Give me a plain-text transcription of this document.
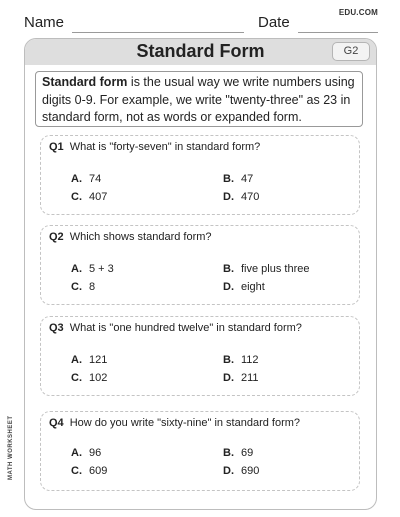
Name	Date
EDU.COM
MATH WORKSHEET
Standard Form	G2
Standard form is the usual way we write numbers using digits 0-9. For example, we write "twenty-three" as 23 in standard form, not as words or expanded form.
Q1 What is "forty-seven" in standard form?
A. 74	B. 47
C. 407	D. 470
Q2 Which shows standard form?
A. 5 + 3	B. five plus three
C. 8	D. eight
Q3 What is "one hundred twelve" in standard form?
A. 121	B. 112
C. 102	D. 211
Q4 How do you write "sixty-nine" in standard form?
A. 96	B. 69
C. 609	D. 690
